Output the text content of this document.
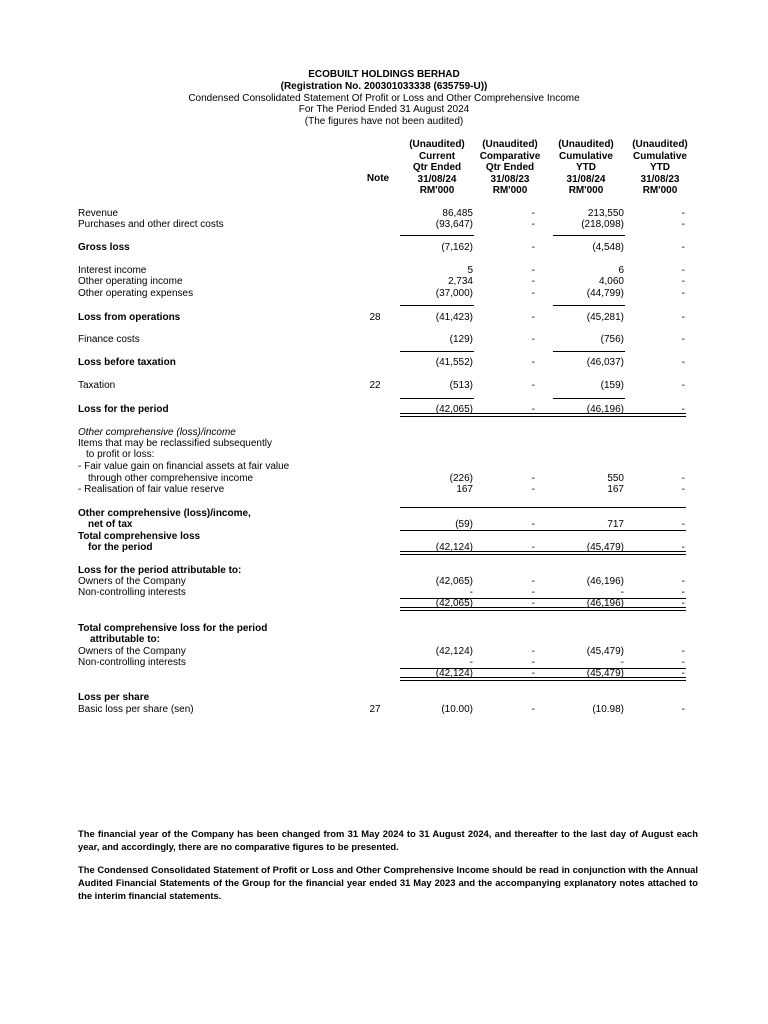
ECOBUILT HOLDINGS BERHAD
(Registration No. 200301033338 (635759-U))
Condensed Consolidated Statement Of Profit or Loss and Other Comprehensive Income
For The Period Ended 31 August 2024
(The figures have not been audited)
Note
(Unaudited)
Current
Qtr Ended
31/08/24
RM'000
(Unaudited)
Comparative
Qtr Ended
31/08/23
RM'000
(Unaudited)
Cumulative
YTD
31/08/24
RM'000
(Unaudited)
Cumulative
YTD
31/08/23
RM'000
Revenue	86,485	-	213,550	-
Purchases and other direct costs	(93,647)	-	(218,098)	-
Gross loss	(7,162)	-	(4,548)	-
Interest income	5	-	6	-
Other operating income	2,734	-	4,060	-
Other operating expenses	(37,000)	-	(44,799)	-
Loss from operations	28	(41,423)	-	(45,281)	-
Finance costs	(129)	-	(756)	-
Loss before taxation	(41,552)	-	(46,037)	-
Taxation	22	(513)	-	(159)	-
Loss for the period	(42,065)	-	(46,196)	-
Other comprehensive (loss)/income
Items that may be reclassified subsequently
to profit or loss:
- Fair value gain on financial assets at fair value
through other comprehensive income	(226)	-	550	-
- Realisation of fair value reserve	167	-	167	-
Other comprehensive (loss)/income,
net of tax	(59)	-	717	-
Total comprehensive loss
for the period	(42,124)	-	(45,479)	-
Loss for the period attributable to:
Owners of the Company	(42,065)	-	(46,196)	-
Non-controlling interests	-	-	-	-
(42,065)	-	(46,196)	-
Total comprehensive loss for the period
attributable to:
Owners of the Company	(42,124)	-	(45,479)	-
Non-controlling interests	-	-	-	-
(42,124)	-	(45,479)	-
Loss per share
Basic loss per share (sen)	27	(10.00)	-	(10.98)	-
The financial year of the Company has been changed from 31 May 2024 to 31 August 2024, and thereafter to the last day of August each year, and accordingly, there are no comparative figures to be presented.
The Condensed Consolidated Statement of Profit or Loss and Other Comprehensive Income should be read in conjunction with the Annual Audited Financial Statements of the Group for the financial year ended 31 May 2023 and the accompanying explanatory notes attached to the interim financial statements.
